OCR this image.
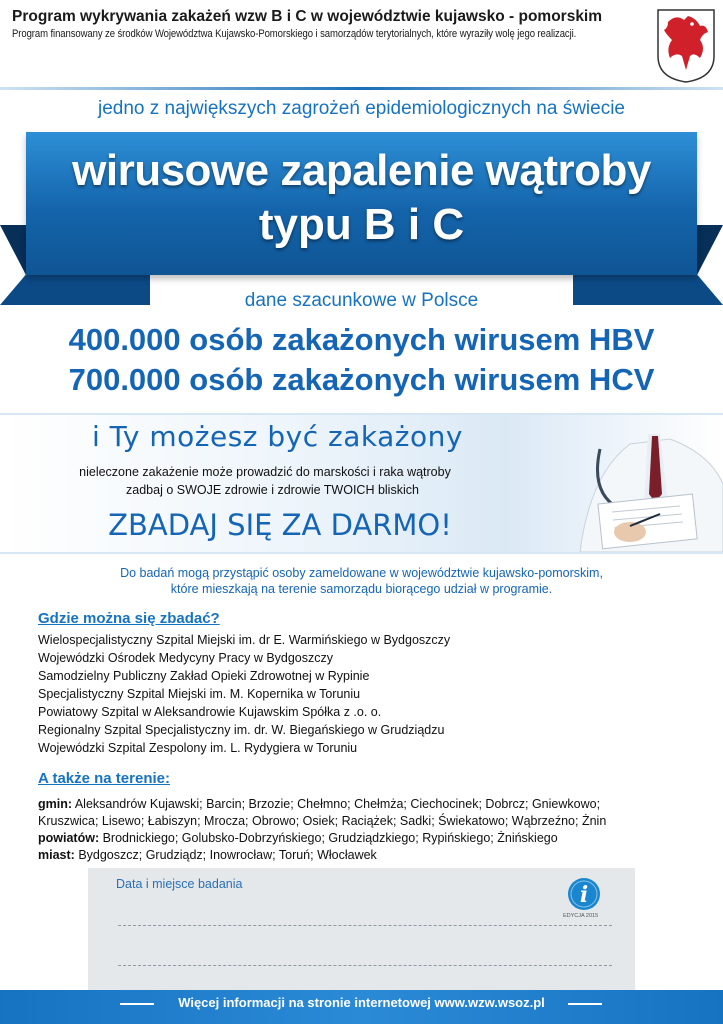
Program wykrywania zakażeń wzw B i C w województwie kujawsko - pomorskim
Program finansowany ze środków Województwa Kujawsko-Pomorskiego i samorządów terytorialnych, które wyraziły wolę jego realizacji.
jedno z największych zagrożeń epidemiologicznych na świecie
wirusowe zapalenie wątroby
typu B i C
dane szacunkowe w Polsce
400.000 osób zakażonych wirusem HBV
700.000 osób zakażonych wirusem HCV
i Ty możesz być zakażony
nieleczone zakażenie może prowadzić do marskości i raka wątroby
zadbaj o SWOJE zdrowie i zdrowie TWOICH bliskich
ZBADAJ SIĘ ZA DARMO!
Do badań mogą przystąpić osoby zameldowane w województwie kujawsko-pomorskim,
które mieszkają na terenie samorządu biorącego udział w programie.
Gdzie można się zbadać?
Wielospecjalistyczny Szpital Miejski im. dr E. Warmińskiego w Bydgoszczy
Wojewódzki Ośrodek Medycyny Pracy w Bydgoszczy
Samodzielny Publiczny Zakład Opieki Zdrowotnej w Rypinie
Specjalistyczny Szpital Miejski im. M. Kopernika w Toruniu
Powiatowy Szpital w Aleksandrowie Kujawskim Spółka z .o. o.
Regionalny Szpital Specjalistyczny im. dr. W. Biegańskiego w Grudziądzu
Wojewódzki Szpital Zespolony im. L. Rydygiera w Toruniu
A także na terenie:
gmin: Aleksandrów Kujawski; Barcin; Brzozie; Chełmno; Chełmża; Ciechocinek; Dobrcz; Gniewkowo;
Kruszwica; Lisewo; Łabiszyn; Mrocza; Obrowo; Osiek; Raciążek; Sadki; Świekatowo; Wąbrzeźno; Żnin
powiatów: Brodnickiego; Golubsko-Dobrzyńskiego; Grudziądzkiego; Rypińskiego; Żnińskiego
miast: Bydgoszcz; Grudziądz; Inowrocław; Toruń; Włocławek
Data i miejsce badania	i
EDYCJA 2015
Więcej informacji na stronie internetowej www.wzw.wsoz.pl
